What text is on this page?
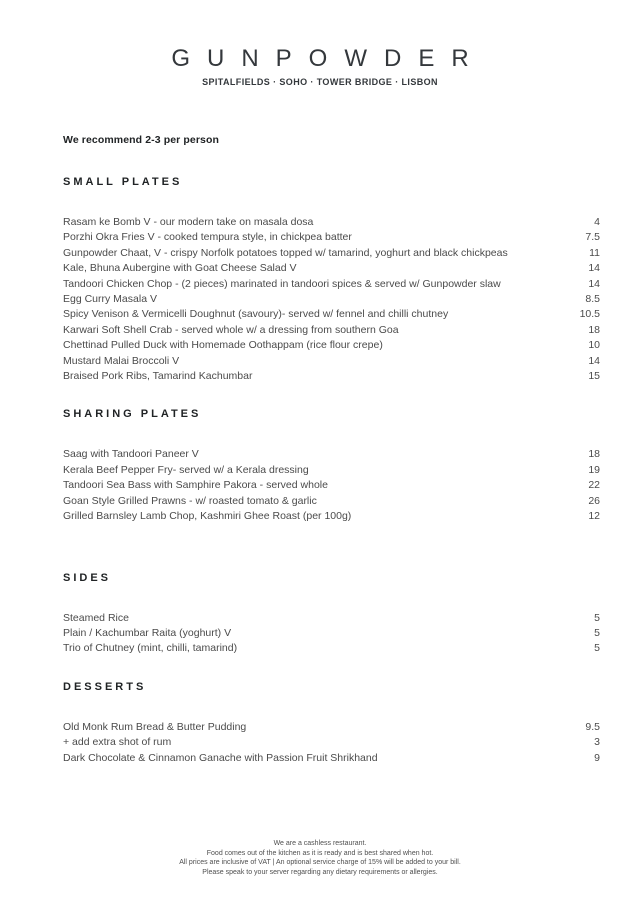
GUNPOWDER
SPITALFIELDS · SOHO · TOWER BRIDGE · LISBON
We recommend 2-3 per person
SMALL PLATES
Rasam ke Bomb V - our modern take on masala dosa	4
Porzhi Okra Fries V - cooked tempura style, in chickpea batter	7.5
Gunpowder Chaat, V - crispy Norfolk potatoes topped w/ tamarind, yoghurt and black chickpeas	11
Kale, Bhuna Aubergine with Goat Cheese Salad V	14
Tandoori Chicken Chop - (2 pieces) marinated in tandoori spices & served w/ Gunpowder slaw	14
Egg Curry Masala V	8.5
Spicy Venison & Vermicelli Doughnut (savoury)- served w/ fennel and chilli chutney	10.5
Karwari Soft Shell Crab - served whole w/ a dressing from southern Goa	18
Chettinad Pulled Duck with Homemade Oothappam (rice flour crepe)	10
Mustard Malai Broccoli V	14
Braised Pork Ribs, Tamarind Kachumbar	15
SHARING PLATES
Saag with Tandoori Paneer V	18
Kerala Beef Pepper Fry- served w/ a Kerala dressing	19
Tandoori Sea Bass with Samphire Pakora - served whole	22
Goan Style Grilled Prawns - w/ roasted tomato & garlic	26
Grilled Barnsley Lamb Chop, Kashmiri Ghee Roast (per 100g)	12
SIDES
Steamed Rice	5
Plain / Kachumbar Raita (yoghurt) V	5
Trio of Chutney (mint, chilli, tamarind)	5
DESSERTS
Old Monk Rum Bread & Butter Pudding	9.5
+ add extra shot of rum	3
Dark Chocolate & Cinnamon Ganache with Passion Fruit Shrikhand	9
We are a cashless restaurant.
Food comes out of the kitchen as it is ready and is best shared when hot.
All prices are inclusive of VAT | An optional service charge of 15% will be added to your bill.
Please speak to your server regarding any dietary requirements or allergies.
